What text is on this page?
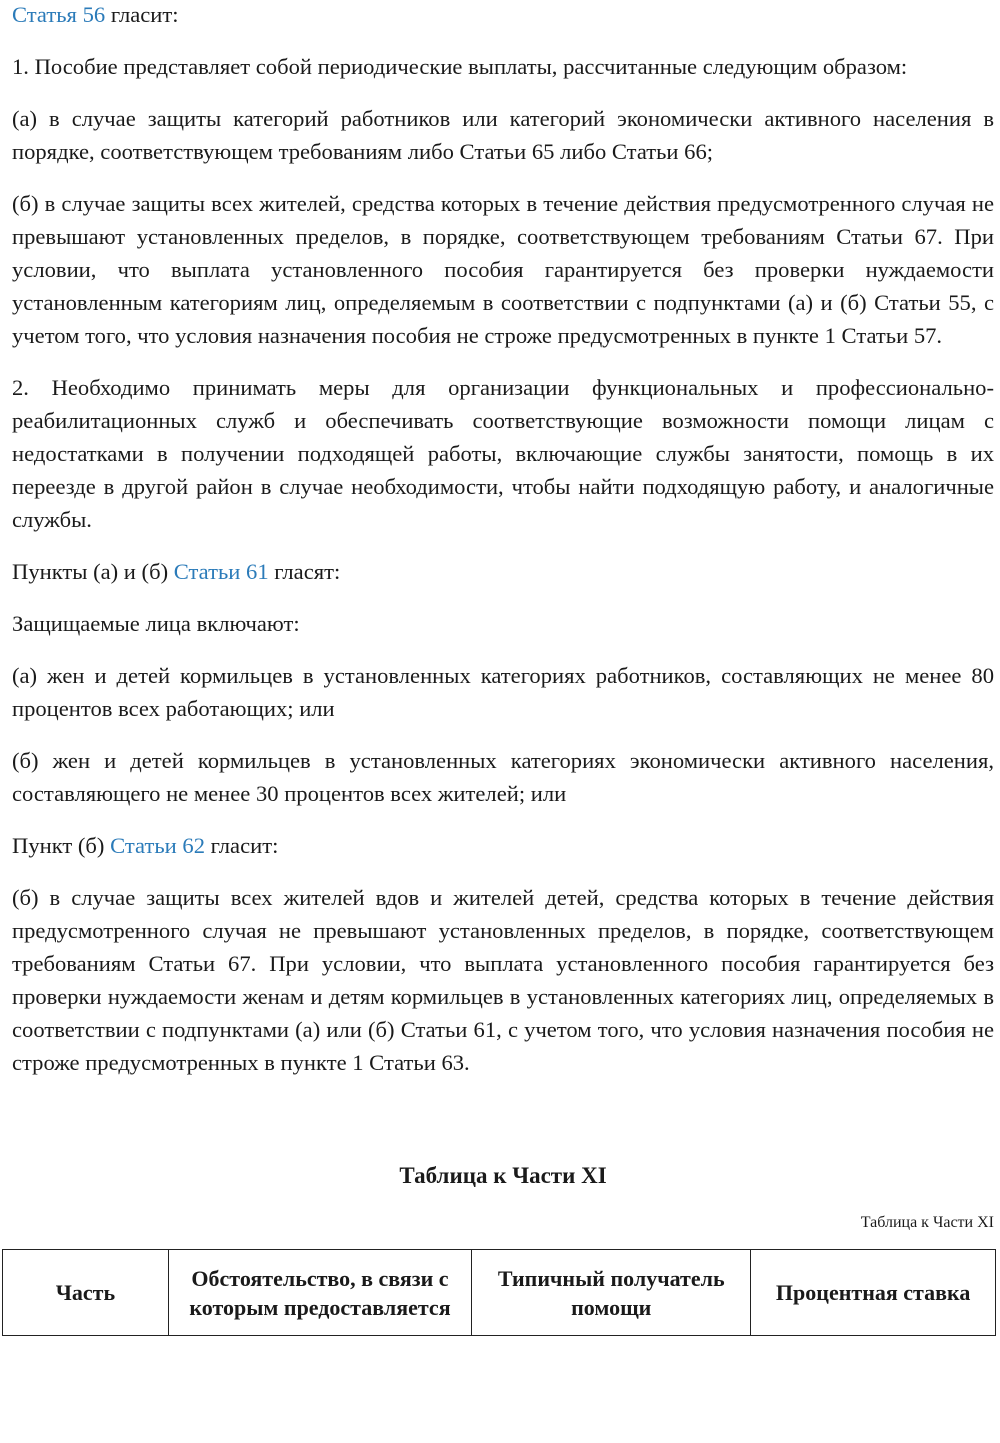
Статья 56 гласит:

1. Пособие представляет собой периодические выплаты, рассчитанные следующим образом:

(а) в случае защиты категорий работников или категорий экономически активного населения в порядке, соответствующем требованиям либо Статьи 65 либо Статьи 66;

(б) в случае защиты всех жителей, средства которых в течение действия предусмотренного случая не превышают установленных пределов, в порядке, соответствующем требованиям Статьи 67. При условии, что выплата установленного пособия гарантируется без проверки нуждаемости установленным категориям лиц, определяемым в соответствии с подпунктами (а) и (б) Статьи 55, с учетом того, что условия назначения пособия не строже предусмотренных в пункте 1 Статьи 57.

2. Необходимо принимать меры для организации функциональных и профессионально-реабилитационных служб и обеспечивать соответствующие возможности помощи лицам с недостатками в получении подходящей работы, включающие службы занятости, помощь в их переезде в другой район в случае необходимости, чтобы найти подходящую работу, и аналогичные службы.

Пункты (а) и (б) Статьи 61 гласят:

Защищаемые лица включают:

(а) жен и детей кормильцев в установленных категориях работников, составляющих не менее 80 процентов всех работающих; или

(б) жен и детей кормильцев в установленных категориях экономически активного населения, составляющего не менее 30 процентов всех жителей; или

Пункт (б) Статьи 62 гласит:

(б) в случае защиты всех жителей вдов и жителей детей, средства которых в течение действия предусмотренного случая не превышают установленных пределов, в порядке, соответствующем требованиям Статьи 67. При условии, что выплата установленного пособия гарантируется без проверки нуждаемости женам и детям кормильцев в установленных категориях лиц, определяемых в соответствии с подпунктами (а) или (б) Статьи 61, с учетом того, что условия назначения пособия не строже предусмотренных в пункте 1 Статьи 63.

Таблица к Части XI
Таблица к Части XI
Часть	Обстоятельство, в связи с которым предоставляется	Типичный получатель помощи	Процентная ставка
